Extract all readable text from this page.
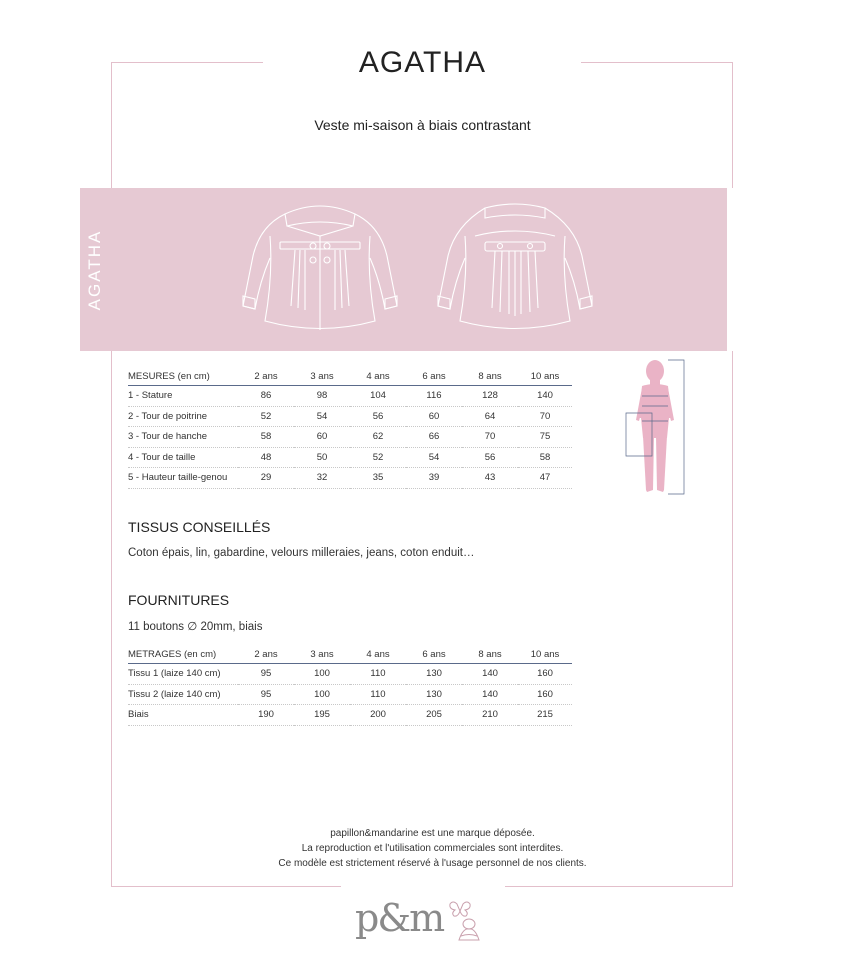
AGATHA
Veste mi-saison à biais contrastant
AGATHA
MESURES (en cm)	2 ans	3 ans	4 ans	6 ans	8 ans	10 ans
1 - Stature	86	98	104	116	128	140
2 - Tour de poitrine	52	54	56	60	64	70
3 - Tour de hanche	58	60	62	66	70	75
4 - Tour de taille	48	50	52	54	56	58
5 - Hauteur taille-genou	29	32	35	39	43	47
TISSUS CONSEILLÉS
Coton épais, lin, gabardine, velours milleraies, jeans, coton enduit…
FOURNITURES
11 boutons ∅ 20mm, biais
METRAGES (en cm)	2 ans	3 ans	4 ans	6 ans	8 ans	10 ans
Tissu 1 (laize 140 cm)	95	100	110	130	140	160
Tissu 2 (laize 140 cm)	95	100	110	130	140	160
Biais	190	195	200	205	210	215
papillon&mandarine est une marque déposée.
La reproduction et l'utilisation commerciales sont interdites.
Ce modèle est strictement réservé à l'usage personnel de nos clients.
p&m
